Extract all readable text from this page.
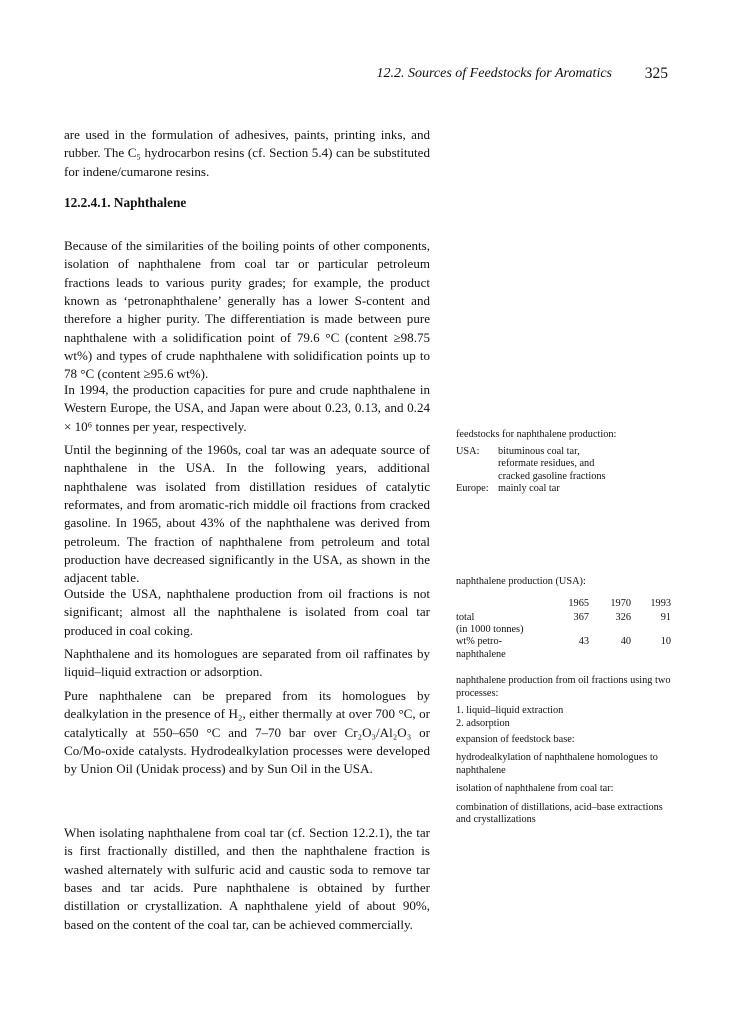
12.2. Sources of Feedstocks for Aromatics 325

are used in the formulation of adhesives, paints, printing inks, and rubber. The C₅ hydrocarbon resins (cf. Section 5.4) can be substituted for indene/cumarone resins.

12.2.4.1. Naphthalene

Because of the similarities of the boiling points of other components, isolation of naphthalene from coal tar or particular petroleum fractions leads to various purity grades; for example, the product known as ‘petronaphthalene’ generally has a lower S-content and therefore a higher purity. The differentiation is made between pure naphthalene with a solidification point of 79.6 °C (content ≥98.75 wt%) and types of crude naphthalene with solidification points up to 78 °C (content ≥95.6 wt%).

In 1994, the production capacities for pure and crude naphthalene in Western Europe, the USA, and Japan were about 0.23, 0.13, and 0.24 × 10⁶ tonnes per year, respectively.

Until the beginning of the 1960s, coal tar was an adequate source of naphthalene in the USA. In the following years, additional naphthalene was isolated from distillation residues of catalytic reformates, and from aromatic-rich middle oil fractions from cracked gasoline. In 1965, about 43% of the naphthalene was derived from petroleum. The fraction of naphthalene from petroleum and total production have decreased significantly in the USA, as shown in the adjacent table.

Outside the USA, naphthalene production from oil fractions is not significant; almost all the naphthalene is isolated from coal tar produced in coal coking.

Naphthalene and its homologues are separated from oil raffinates by liquid–liquid extraction or adsorption.

Pure naphthalene can be prepared from its homologues by dealkylation in the presence of H₂, either thermally at over 700 °C, or catalytically at 550–650 °C and 7–70 bar over Cr₂O₃/Al₂O₃ or Co/Mo-oxide catalysts. Hydrodealkylation processes were developed by Union Oil (Unidak process) and by Sun Oil in the USA.

When isolating naphthalene from coal tar (cf. Section 12.2.1), the tar is first fractionally distilled, and then the naphthalene fraction is washed alternately with sulfuric acid and caustic soda to remove tar bases and tar acids. Pure naphthalene is obtained by further distillation or crystallization. A naphthalene yield of about 90%, based on the content of the coal tar, can be achieved commercially.

feedstocks for naphthalene production:

USA:	bituminous coal tar,
reformate residues, and
cracked gasoline fractions
Europe: mainly coal tar

naphthalene production (USA):

	1965	1970	1993

total
(in 1000 tonnes)	367	326	91

wt% petro-
naphthalene	43	40	10

naphthalene production from oil fractions using two processes:

1. liquid–liquid extraction

2. adsorption

expansion of feedstock base:

hydrodealkylation of naphthalene homologues to naphthalene

isolation of naphthalene from coal tar:

combination of distillations, acid–base extractions and crystallizations
